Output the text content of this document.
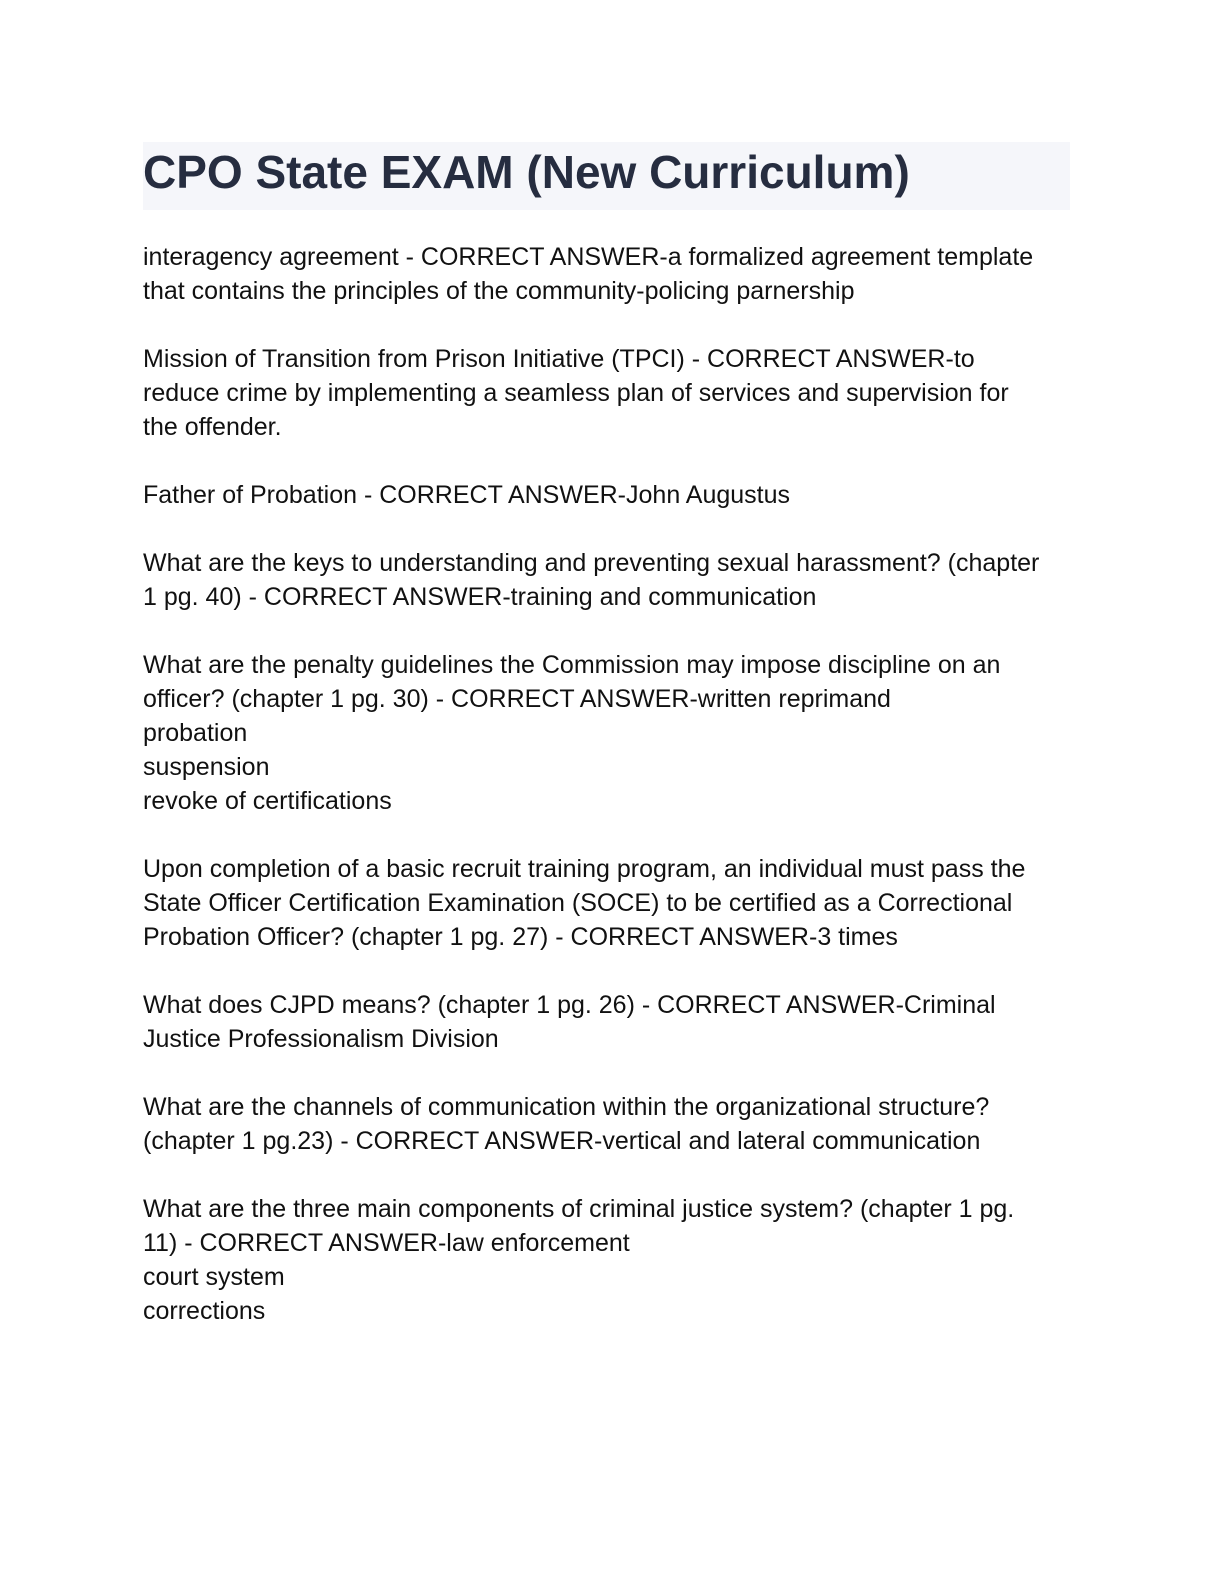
CPO State EXAM (New Curriculum)

interagency agreement - CORRECT ANSWER-a formalized agreement template
that contains the principles of the community-policing parnership

Mission of Transition from Prison Initiative (TPCI) - CORRECT ANSWER-to
reduce crime by implementing a seamless plan of services and supervision for
the offender.

Father of Probation - CORRECT ANSWER-John Augustus

What are the keys to understanding and preventing sexual harassment? (chapter
1 pg. 40) - CORRECT ANSWER-training and communication

What are the penalty guidelines the Commission may impose discipline on an
officer? (chapter 1 pg. 30) - CORRECT ANSWER-written reprimand
probation
suspension
revoke of certifications

Upon completion of a basic recruit training program, an individual must pass the
State Officer Certification Examination (SOCE) to be certified as a Correctional
Probation Officer? (chapter 1 pg. 27) - CORRECT ANSWER-3 times

What does CJPD means? (chapter 1 pg. 26) - CORRECT ANSWER-Criminal
Justice Professionalism Division

What are the channels of communication within the organizational structure?
(chapter 1 pg.23) - CORRECT ANSWER-vertical and lateral communication

What are the three main components of criminal justice system? (chapter 1 pg.
11) - CORRECT ANSWER-law enforcement
court system
corrections
